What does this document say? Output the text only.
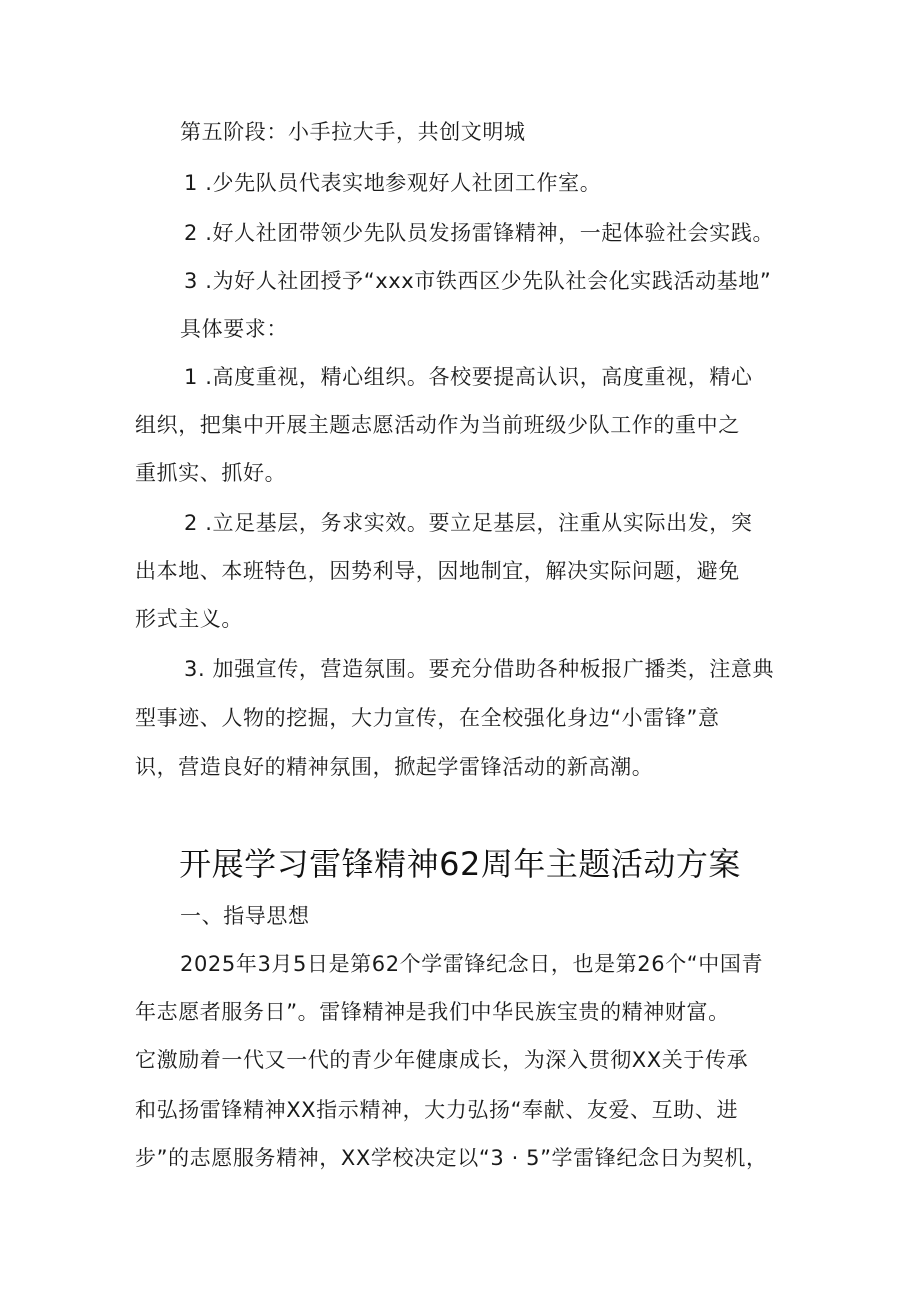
第五阶段：小手拉大手，共创文明城
1 .少先队员代表实地参观好人社团工作室。
2 .好人社团带领少先队员发扬雷锋精神，一起体验社会实践。
3 .为好人社团授予“xxx市铁西区少先队社会化实践活动基地”
具体要求：
1 .高度重视，精心组织。各校要提高认识，高度重视，精心
组织，把集中开展主题志愿活动作为当前班级少队工作的重中之
重抓实、抓好。
2 .立足基层，务求实效。要立足基层，注重从实际出发，突
出本地、本班特色，因势利导，因地制宜，解决实际问题，避免
形式主义。
3. 加强宣传，营造氛围。要充分借助各种板报广播类，注意典
型事迹、人物的挖掘，大力宣传，在全校强化身边“小雷锋”意
识，营造良好的精神氛围，掀起学雷锋活动的新高潮。
开展学习雷锋精神62周年主题活动方案
一、指导思想
2025年3月5日是第62个学雷锋纪念日，也是第26个“中国青
年志愿者服务日”。雷锋精神是我们中华民族宝贵的精神财富。
它激励着一代又一代的青少年健康成长，为深入贯彻XX关于传承
和弘扬雷锋精神XX指示精神，大力弘扬“奉献、友爱、互助、进
步”的志愿服务精神，XX学校决定以“3 · 5”学雷锋纪念日为契机，
